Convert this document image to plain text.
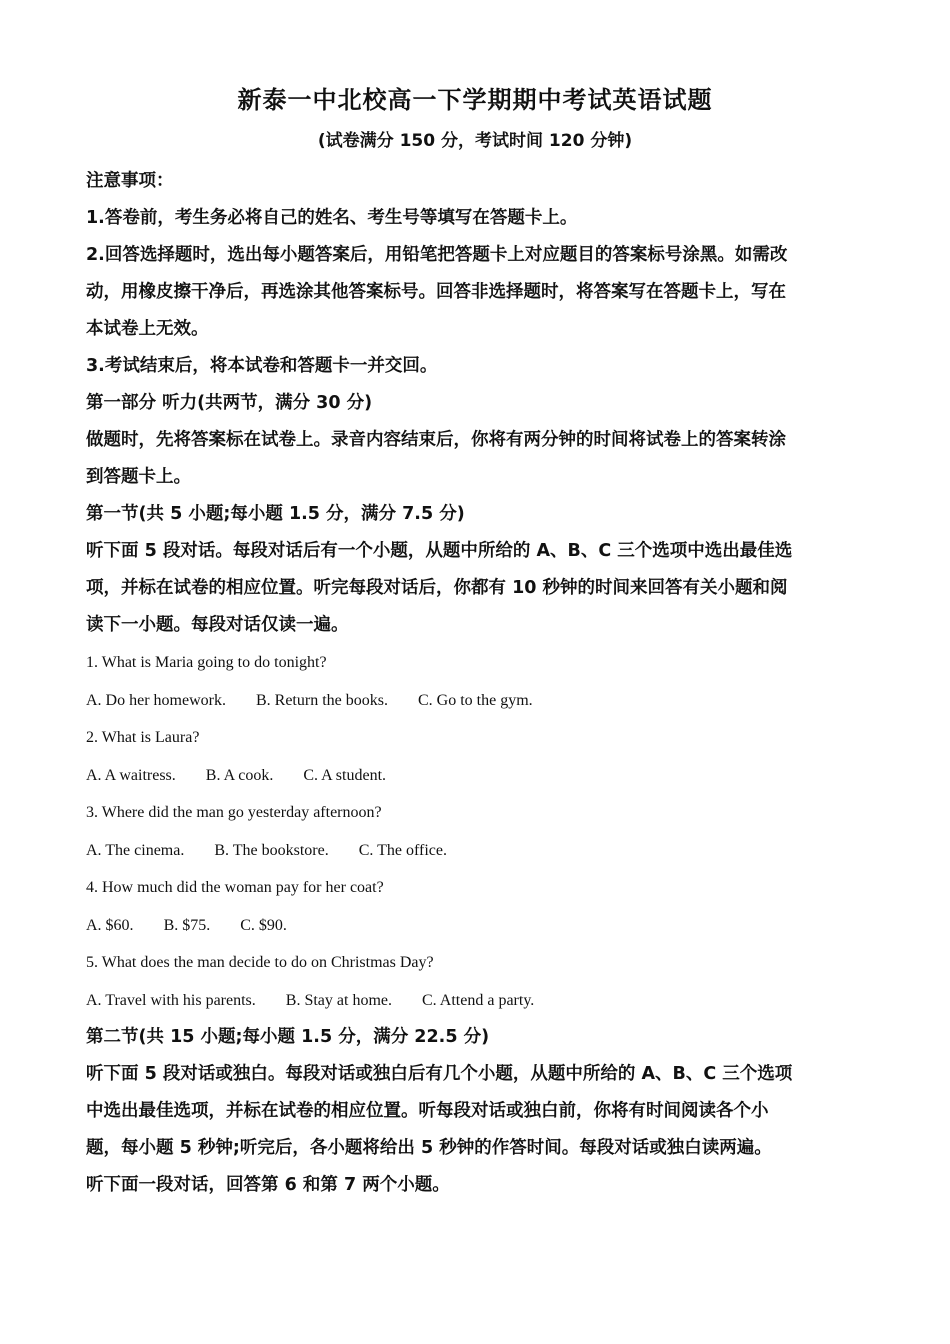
新泰一中北校高一下学期期中考试英语试题
(试卷满分 150 分，考试时间 120 分钟)

注意事项：

1.答卷前，考生务必将自己的姓名、考生号等填写在答题卡上。

2.回答选择题时，选出每小题答案后，用铅笔把答题卡上对应题目的答案标号涂黑。如需改
动，用橡皮擦干净后，再选涂其他答案标号。回答非选择题时，将答案写在答题卡上，写在
本试卷上无效。

3.考试结束后，将本试卷和答题卡一并交回。

第一部分 听力(共两节，满分 30 分)

做题时，先将答案标在试卷上。录音内容结束后，你将有两分钟的时间将试卷上的答案转涂
到答题卡上。

第一节(共 5 小题;每小题 1.5 分，满分 7.5 分)

听下面 5 段对话。每段对话后有一个小题，从题中所给的 A、B、C 三个选项中选出最佳选
项，并标在试卷的相应位置。听完每段对话后，你都有 10 秒钟的时间来回答有关小题和阅
读下一小题。每段对话仅读一遍。

1. What is Maria going to do tonight?

A. Do her homework. B. Return the books. C. Go to the gym.

2. What is Laura?

A. A waitress. B. A cook. C. A student.

3. Where did the man go yesterday afternoon?

A. The cinema. B. The bookstore. C. The office.

4. How much did the woman pay for her coat?

A. $60. B. $75. C. $90.

5. What does the man decide to do on Christmas Day?

A. Travel with his parents. B. Stay at home. C. Attend a party.

第二节(共 15 小题;每小题 1.5 分，满分 22.5 分)

听下面 5 段对话或独白。每段对话或独白后有几个小题，从题中所给的 A、B、C 三个选项
中选出最佳选项，并标在试卷的相应位置。听每段对话或独白前，你将有时间阅读各个小
题，每小题 5 秒钟;听完后，各小题将给出 5 秒钟的作答时间。每段对话或独白读两遍。

听下面一段对话，回答第 6 和第 7 两个小题。
